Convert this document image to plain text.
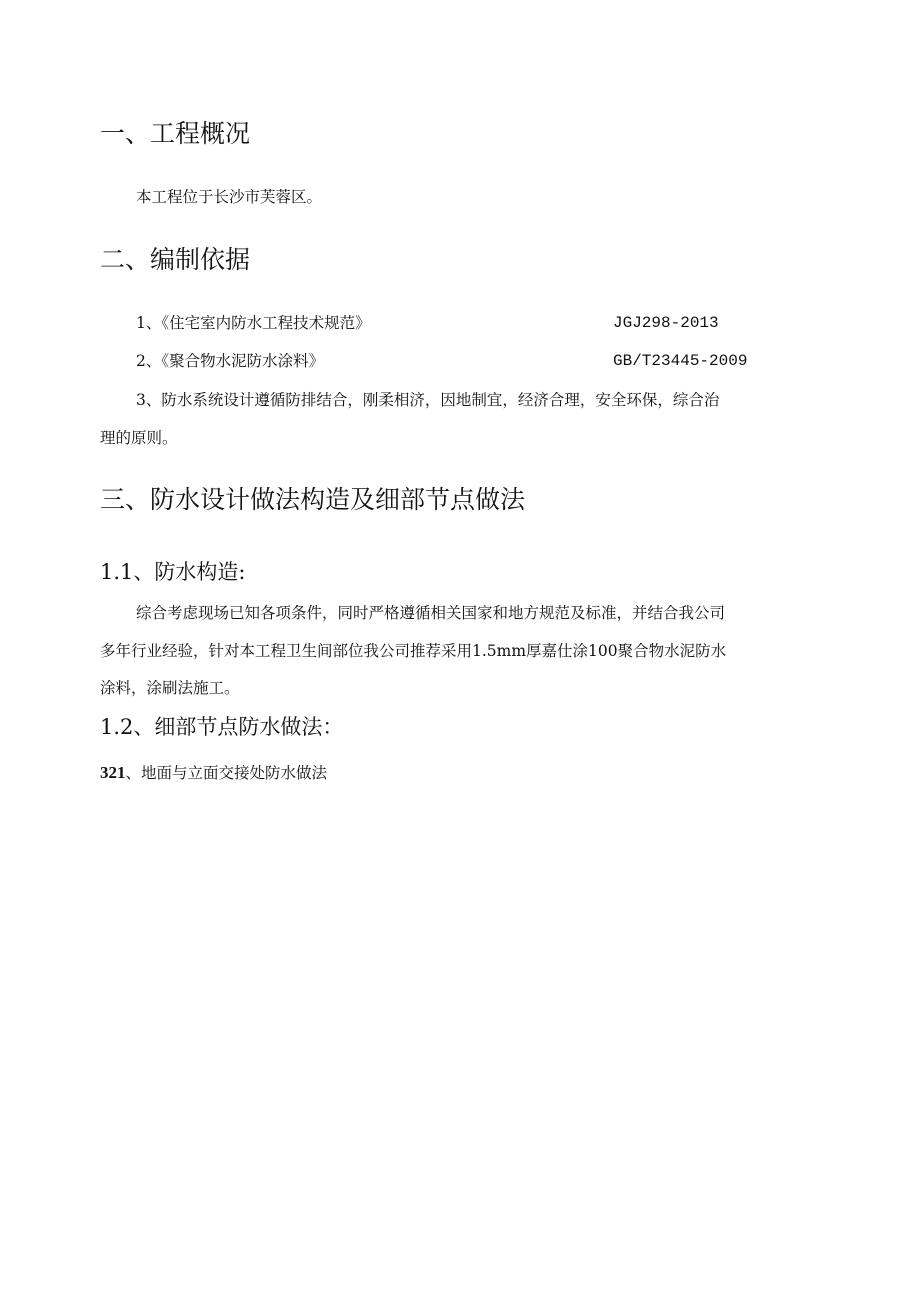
一、工程概况
本工程位于长沙市芙蓉区。
二、编制依据
1、《住宅室内防水工程技术规范》	JGJ298-2013
2、《聚合物水泥防水涂料》	GB/T23445-2009
3、防水系统设计遵循防排结合，刚柔相济，因地制宜，经济合理，安全环保，综合治
理的原则。
三、防水设计做法构造及细部节点做法
1.1、防水构造:
综合考虑现场已知各项条件，同时严格遵循相关国家和地方规范及标准，并结合我公司
多年行业经验，针对本工程卫生间部位我公司推荐采用1.5mm厚嘉仕涂100聚合物水泥防水
涂料，涂刷法施工。
1.2、细部节点防水做法：
321、地面与立面交接处防水做法
